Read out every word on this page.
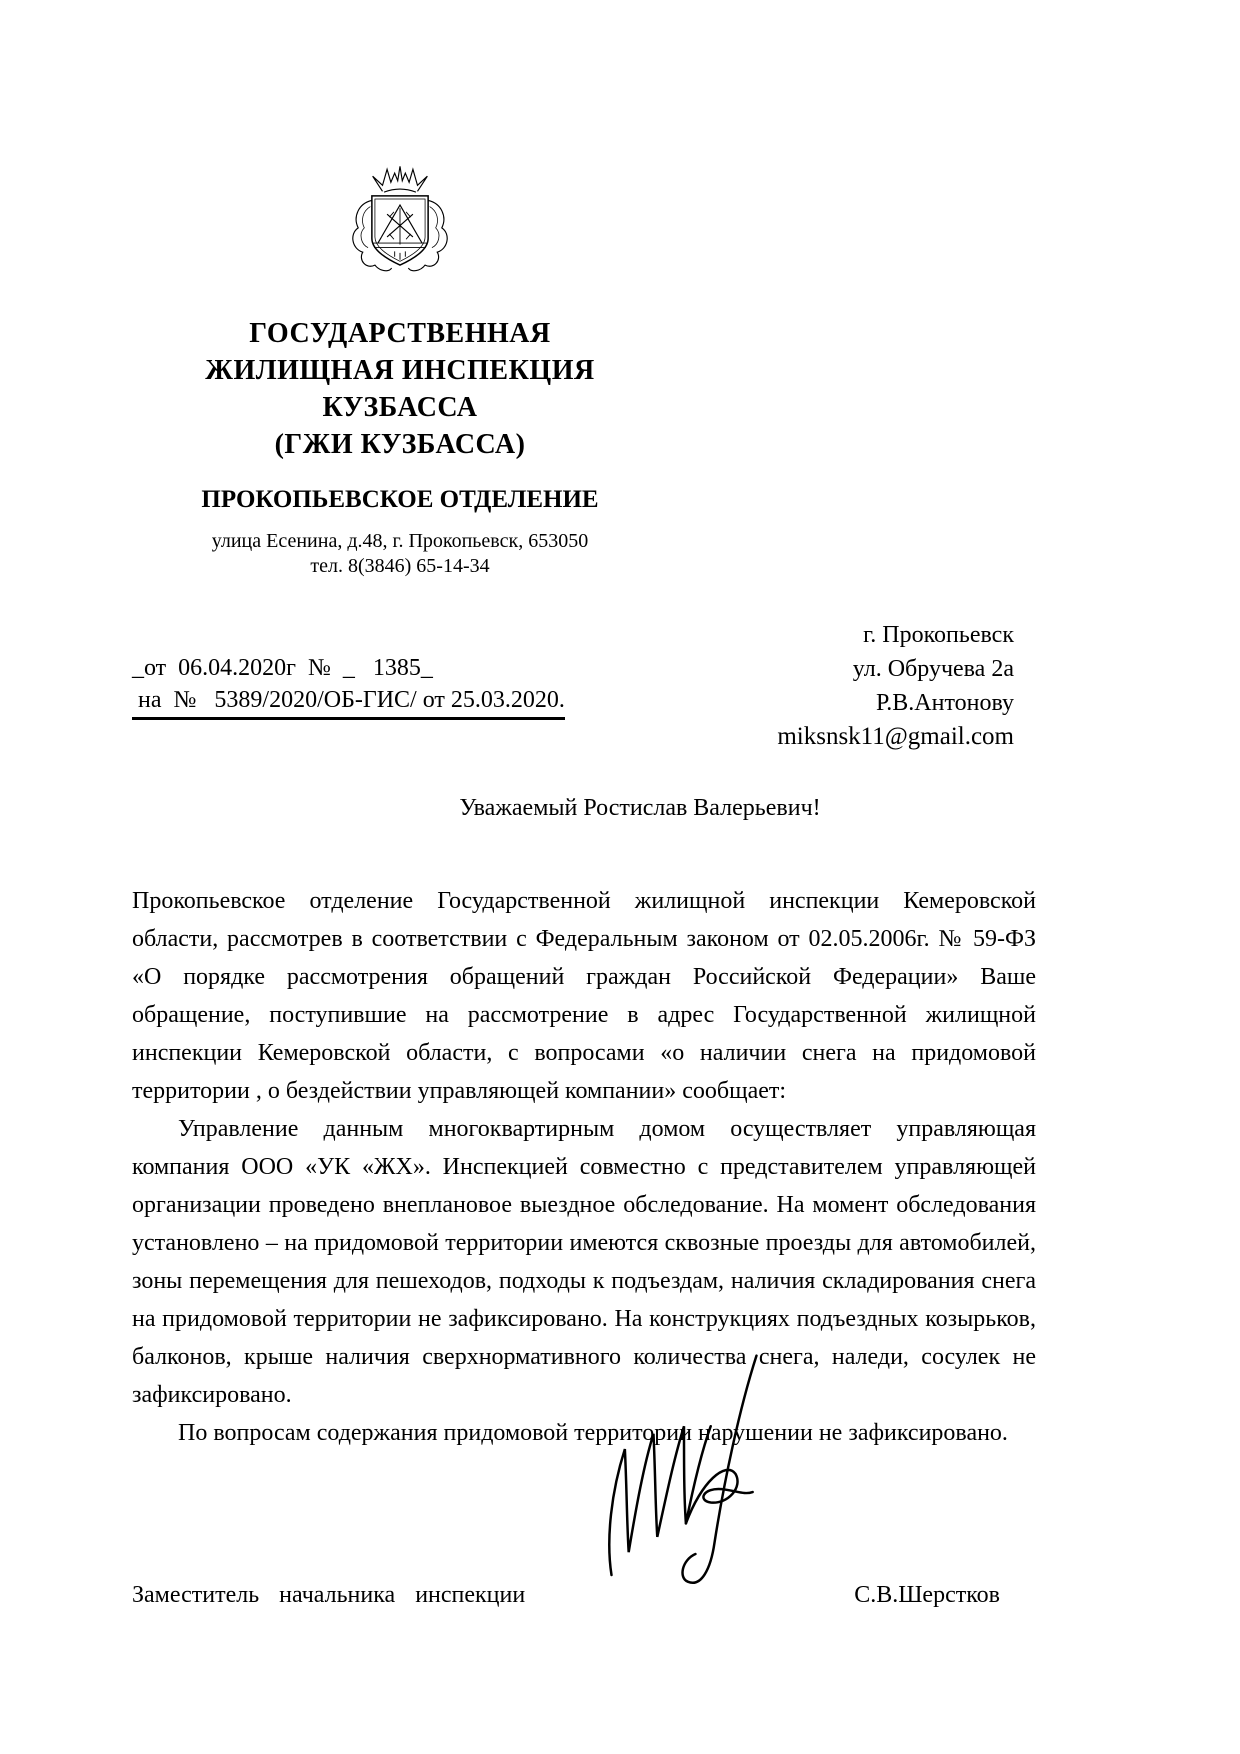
ГОСУДАРСТВЕННАЯ
ЖИЛИЩНАЯ ИНСПЕКЦИЯ
КУЗБАССА
(ГЖИ КУЗБАССА)
ПРОКОПЬЕВСКОЕ ОТДЕЛЕНИЕ
улица Есенина, д.48, г. Прокопьевск, 653050
тел. 8(3846) 65-14-34
_от  06.04.2020г  №  _   1385_
на  №   5389/2020/ОБ-ГИС/ от 25.03.2020.
г. Прокопьевск
ул. Обручева 2а
Р.В.Антонову
miksnsk11@gmail.com
Уважаемый Ростислав Валерьевич!

Прокопьевское отделение Государственной жилищной инспекции Кемеровской области, рассмотрев в соответствии с Федеральным законом от 02.05.2006г. № 59-ФЗ «О порядке рассмотрения обращений граждан Российской Федерации» Ваше обращение, поступившие на рассмотрение в адрес Государственной жилищной инспекции Кемеровской области, с вопросами «о наличии снега на придомовой территории , о бездействии управляющей компании» сообщает:

Управление данным многоквартирным домом осуществляет управляющая компания ООО «УК «ЖХ». Инспекцией совместно с представителем управляющей организации проведено внеплановое выездное обследование. На момент обследования установлено – на придомовой территории имеются сквозные проезды для автомобилей, зоны перемещения для пешеходов, подходы к подъездам, наличия складирования снега на придомовой территории не зафиксировано. На конструкциях подъездных козырьков, балконов, крыше наличия сверхнормативного количества снега, наледи, сосулек не зафиксировано.

По вопросам содержания придомовой территории нарушении не зафиксировано.

Заместитель начальника инспекции	С.В.Шерстков
